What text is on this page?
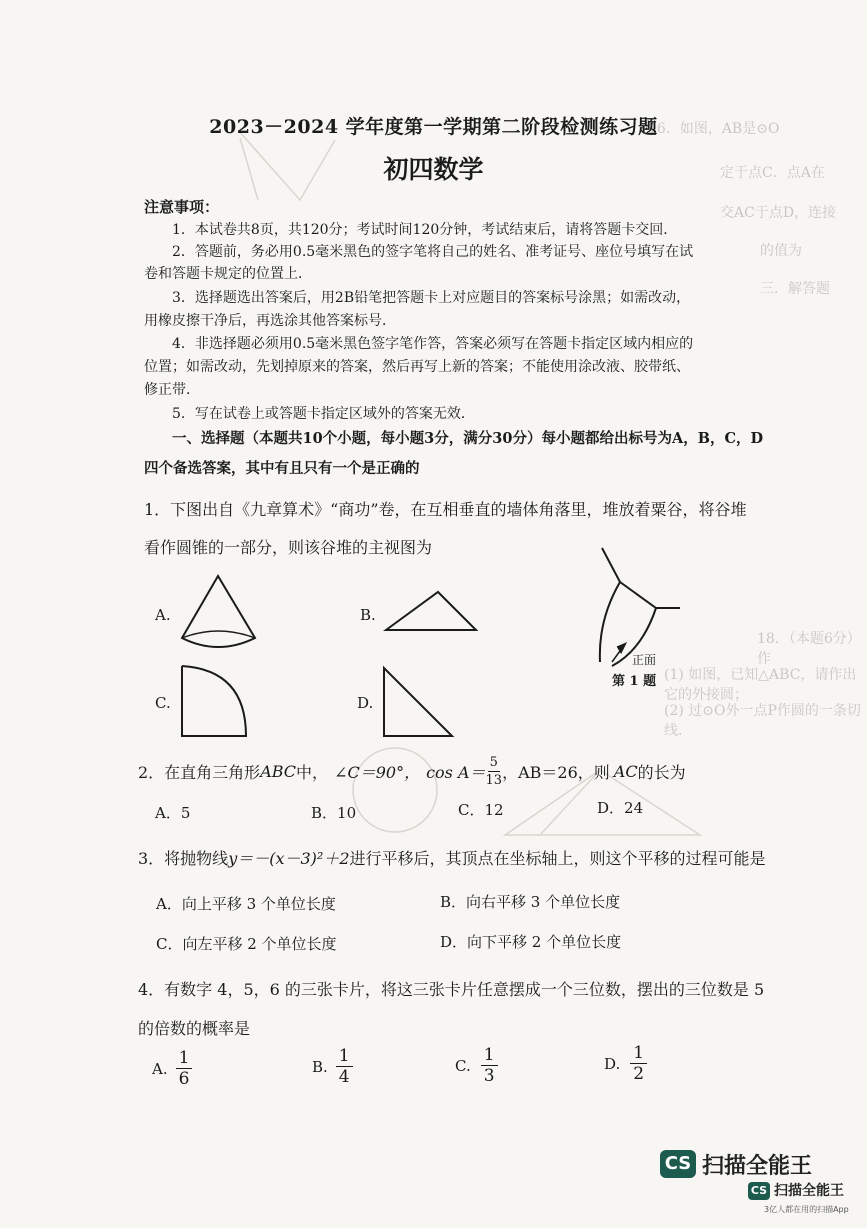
16．如图，AB是⊙O
定于点C．点A在
交AC于点D，连接
的值为
三．解答题
18．（本题6分）作
(1) 如图，已知△ABC，请作出它的外接圆；
(2) 过⊙O外一点P作圆的一条切线．
2023－2024 学年度第一学期第二阶段检测练习题
初四数学
注意事项：
1．本试卷共8页，共120分；考试时间120分钟，考试结束后，请将答题卡交回．
2．答题前，务必用0.5毫米黑色的签字笔将自己的姓名、准考证号、座位号填写在试
卷和答题卡规定的位置上．
3．选择题选出答案后，用2B铅笔把答题卡上对应题目的答案标号涂黑；如需改动，
用橡皮擦干净后，再选涂其他答案标号．
4．非选择题必须用0.5毫米黑色签字笔作答，答案必须写在答题卡指定区域内相应的
位置；如需改动，先划掉原来的答案，然后再写上新的答案；不能使用涂改液、胶带纸、
修正带．
5．写在试卷上或答题卡指定区域外的答案无效．
一、选择题（本题共10个小题，每小题3分，满分30分）每小题都给出标号为A，B，C，D
四个备选答案，其中有且只有一个是正确的
1．下图出自《九章算术》“商功”卷，在互相垂直的墙体角落里，堆放着粟谷，将谷堆
看作圆锥的一部分，则该谷堆的主视图为
A.	B.
C.	D.
正面
第 1 题
2．在直角三角形 ABC 中， ∠C＝90°， $\cos A= \frac{5}{13}$ ，AB＝26，则 AC 的长为
A．5	B．10	C．12	D．24
3．将抛物线y＝－(x－3)²＋2进行平移后，其顶点在坐标轴上，则这个平移的过程可能是
A．向上平移 3 个单位长度	B．向右平移 3 个单位长度
C．向左平移 2 个单位长度	D．向下平移 2 个单位长度
4．有数字 4，5，6 的三张卡片，将这三张卡片任意摆成一个三位数，摆出的三位数是 5
的倍数的概率是
A. $\frac{1}{6}$	B. $\frac{1}{4}$	C. $\frac{1}{3}$	D. $\frac{1}{2}$
CS 扫描全能王
CS 扫描全能王
3亿人都在用的扫描App
